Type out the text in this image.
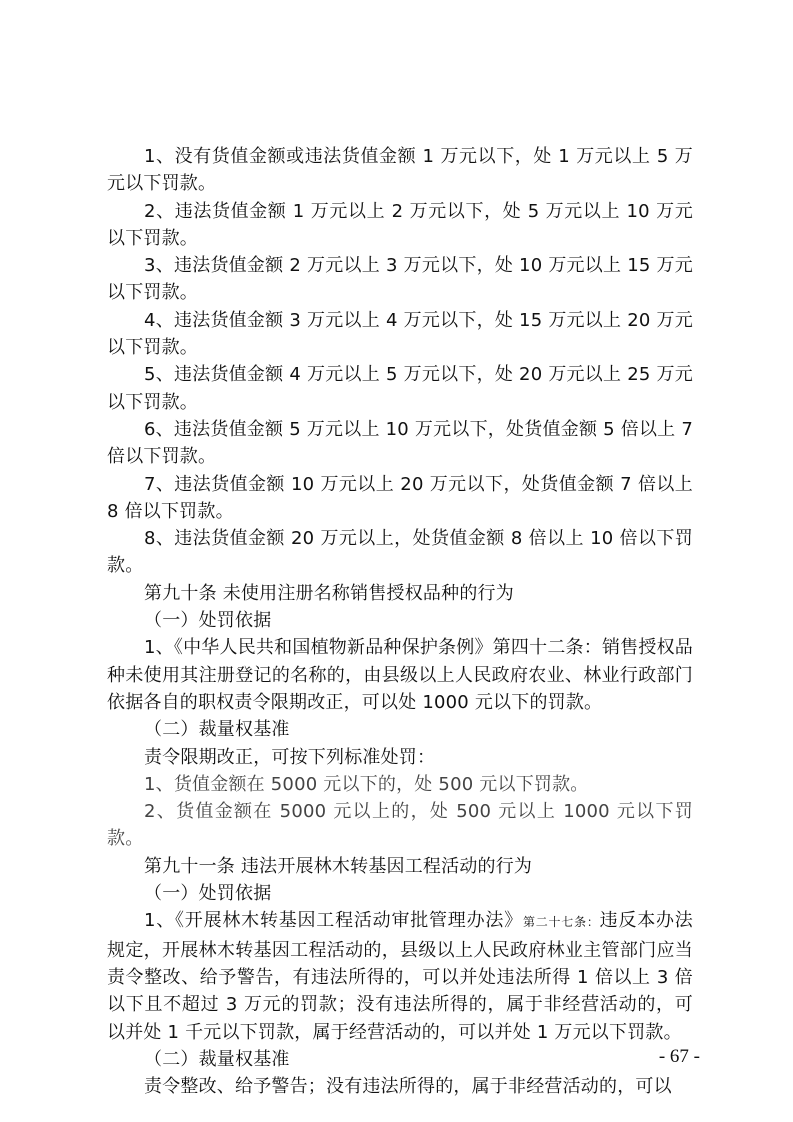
1、没有货值金额或违法货值金额 1 万元以下，处 1 万元以上 5 万元以下罚款。

2、违法货值金额 1 万元以上 2 万元以下，处 5 万元以上 10 万元以下罚款。

3、违法货值金额 2 万元以上 3 万元以下，处 10 万元以上 15 万元以下罚款。

4、违法货值金额 3 万元以上 4 万元以下，处 15 万元以上 20 万元以下罚款。

5、违法货值金额 4 万元以上 5 万元以下，处 20 万元以上 25 万元以下罚款。

6、违法货值金额 5 万元以上 10 万元以下，处货值金额 5 倍以上 7 倍以下罚款。

7、违法货值金额 10 万元以上 20 万元以下，处货值金额 7 倍以上 8 倍以下罚款。

8、违法货值金额 20 万元以上，处货值金额 8 倍以上 10 倍以下罚款。

第九十条 未使用注册名称销售授权品种的行为

（一）处罚依据

1、《中华人民共和国植物新品种保护条例》第四十二条：销售授权品种未使用其注册登记的名称的，由县级以上人民政府农业、林业行政部门依据各自的职权责令限期改正，可以处 1000 元以下的罚款。

（二）裁量权基准

责令限期改正，可按下列标准处罚：

1、货值金额在 5000 元以下的，处 500 元以下罚款。

2、货值金额在 5000 元以上的，处 500 元以上 1000 元以下罚款。

第九十一条 违法开展林木转基因工程活动的行为

（一）处罚依据

1、《开展林木转基因工程活动审批管理办法》第二十七条：违反本办法规定，开展林木转基因工程活动的，县级以上人民政府林业主管部门应当责令整改、给予警告，有违法所得的，可以并处违法所得 1 倍以上 3 倍以下且不超过 3 万元的罚款；没有违法所得的，属于非经营活动的，可以并处 1 千元以下罚款，属于经营活动的，可以并处 1 万元以下罚款。

（二）裁量权基准

责令整改、给予警告；没有违法所得的，属于非经营活动的，可以

- 67 -
